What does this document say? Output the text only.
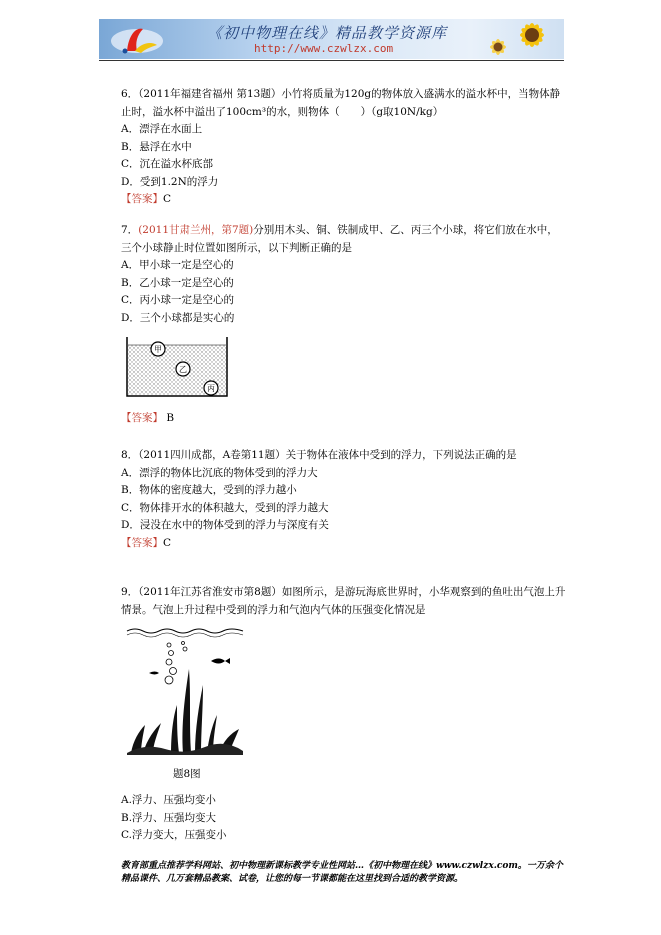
《初中物理在线》精品教学资源库
http://www.czwlzx.com

6．（2011年福建省福州 第13题）小竹将质量为120g的物体放入盛满水的溢水杯中，当物体静止时，溢水杯中溢出了100cm³的水，则物体（　　）（g取10N/kg）

A．漂浮在水面上

B．悬浮在水中

C．沉在溢水杯底部

D．受到1.2N的浮力

【答案】C

7．(2011甘肃兰州，第7题)分别用木头、铜、铁制成甲、乙、丙三个小球，将它们放在水中，三个小球静止时位置如图所示，以下判断正确的是

A．甲小球一定是空心的

B．乙小球一定是空心的

C．丙小球一定是空心的

D．三个小球都是实心的

甲
乙
丙

【答案】 B

8．（2011四川成都，A卷第11题）关于物体在液体中受到的浮力，下列说法正确的是

A．漂浮的物体比沉底的物体受到的浮力大

B．物体的密度越大，受到的浮力越小

C．物体排开水的体积越大，受到的浮力越大

D．浸没在水中的物体受到的浮力与深度有关

【答案】C

9．（2011年江苏省淮安市第8题）如图所示，是游玩海底世界时，小华观察到的鱼吐出气泡上升情景。气泡上升过程中受到的浮力和气泡内气体的压强变化情况是

题8图

A.浮力、压强均变小

B.浮力、压强均变大

C.浮力变大，压强变小

教育部重点推荐学科网站、初中物理新课标教学专业性网站…《初中物理在线》www.czwlzx.com。一万余个精品课件、几万套精品教案、试卷，让您的每一节课都能在这里找到合适的教学资源。
